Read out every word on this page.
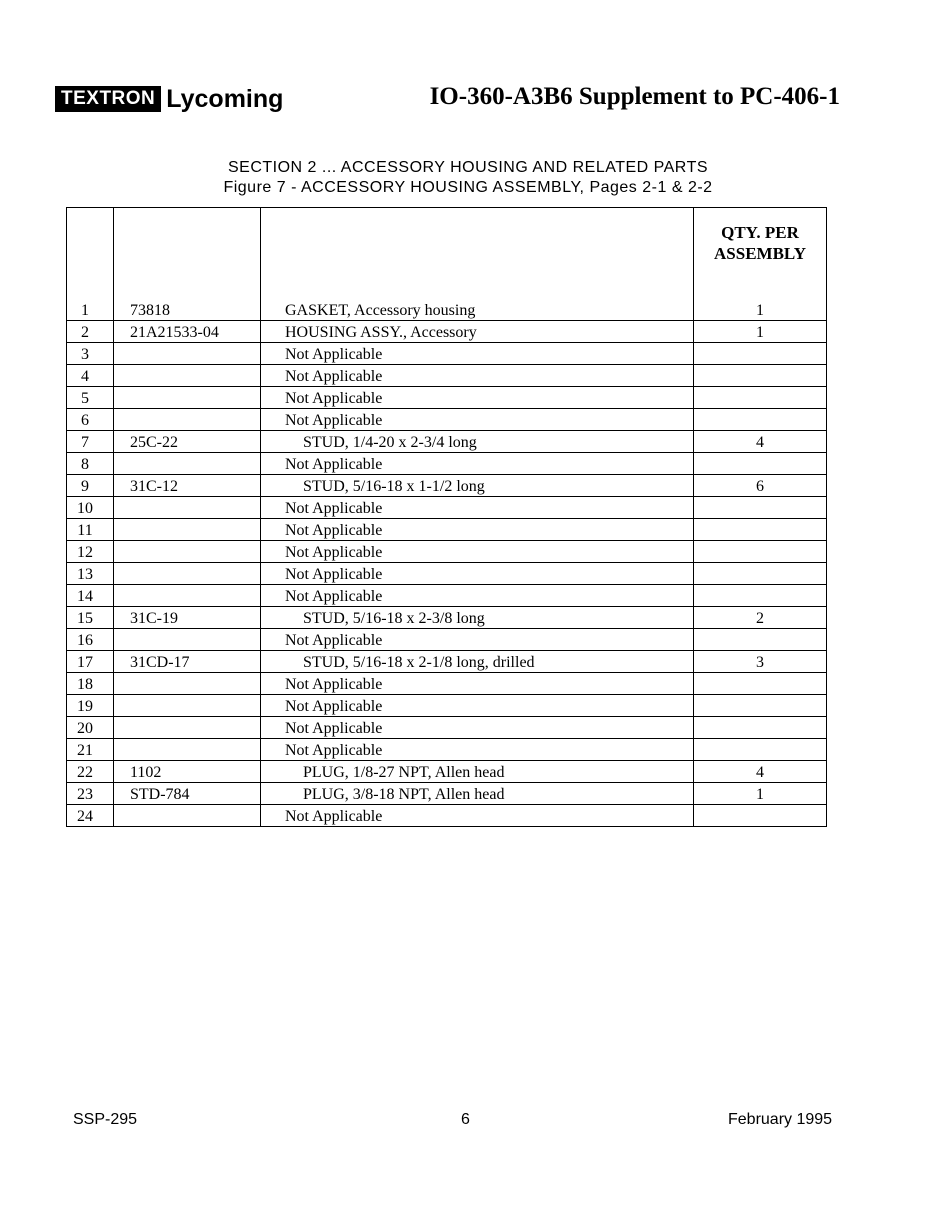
TEXTRON Lycoming	IO-360-A3B6 Supplement to PC-406-1
SECTION 2 ... ACCESSORY HOUSING AND RELATED PARTS
Figure 7 - ACCESSORY HOUSING ASSEMBLY, Pages 2-1 & 2-2

			QTY. PER
ASSEMBLY

1	73818	GASKET, Accessory housing	1
2	21A21533-04	HOUSING ASSY., Accessory	1
3		Not Applicable	
4		Not Applicable	
5		Not Applicable	
6		Not Applicable	
7	25C-22	STUD, 1/4-20 x 2-3/4 long	4
8		Not Applicable	
9	31C-12	STUD, 5/16-18 x 1-1/2 long	6
10		Not Applicable	
11		Not Applicable	
12		Not Applicable	
13		Not Applicable	
14		Not Applicable	
15	31C-19	STUD, 5/16-18 x 2-3/8 long	2
16		Not Applicable	
17	31CD-17	STUD, 5/16-18 x 2-1/8 long, drilled	3
18		Not Applicable	
19		Not Applicable	
20		Not Applicable	
21		Not Applicable	
22	1102	PLUG, 1/8-27 NPT, Allen head	4
23	STD-784	PLUG, 3/8-18 NPT, Allen head	1
24		Not Applicable	
SSP-295	6	February 1995
